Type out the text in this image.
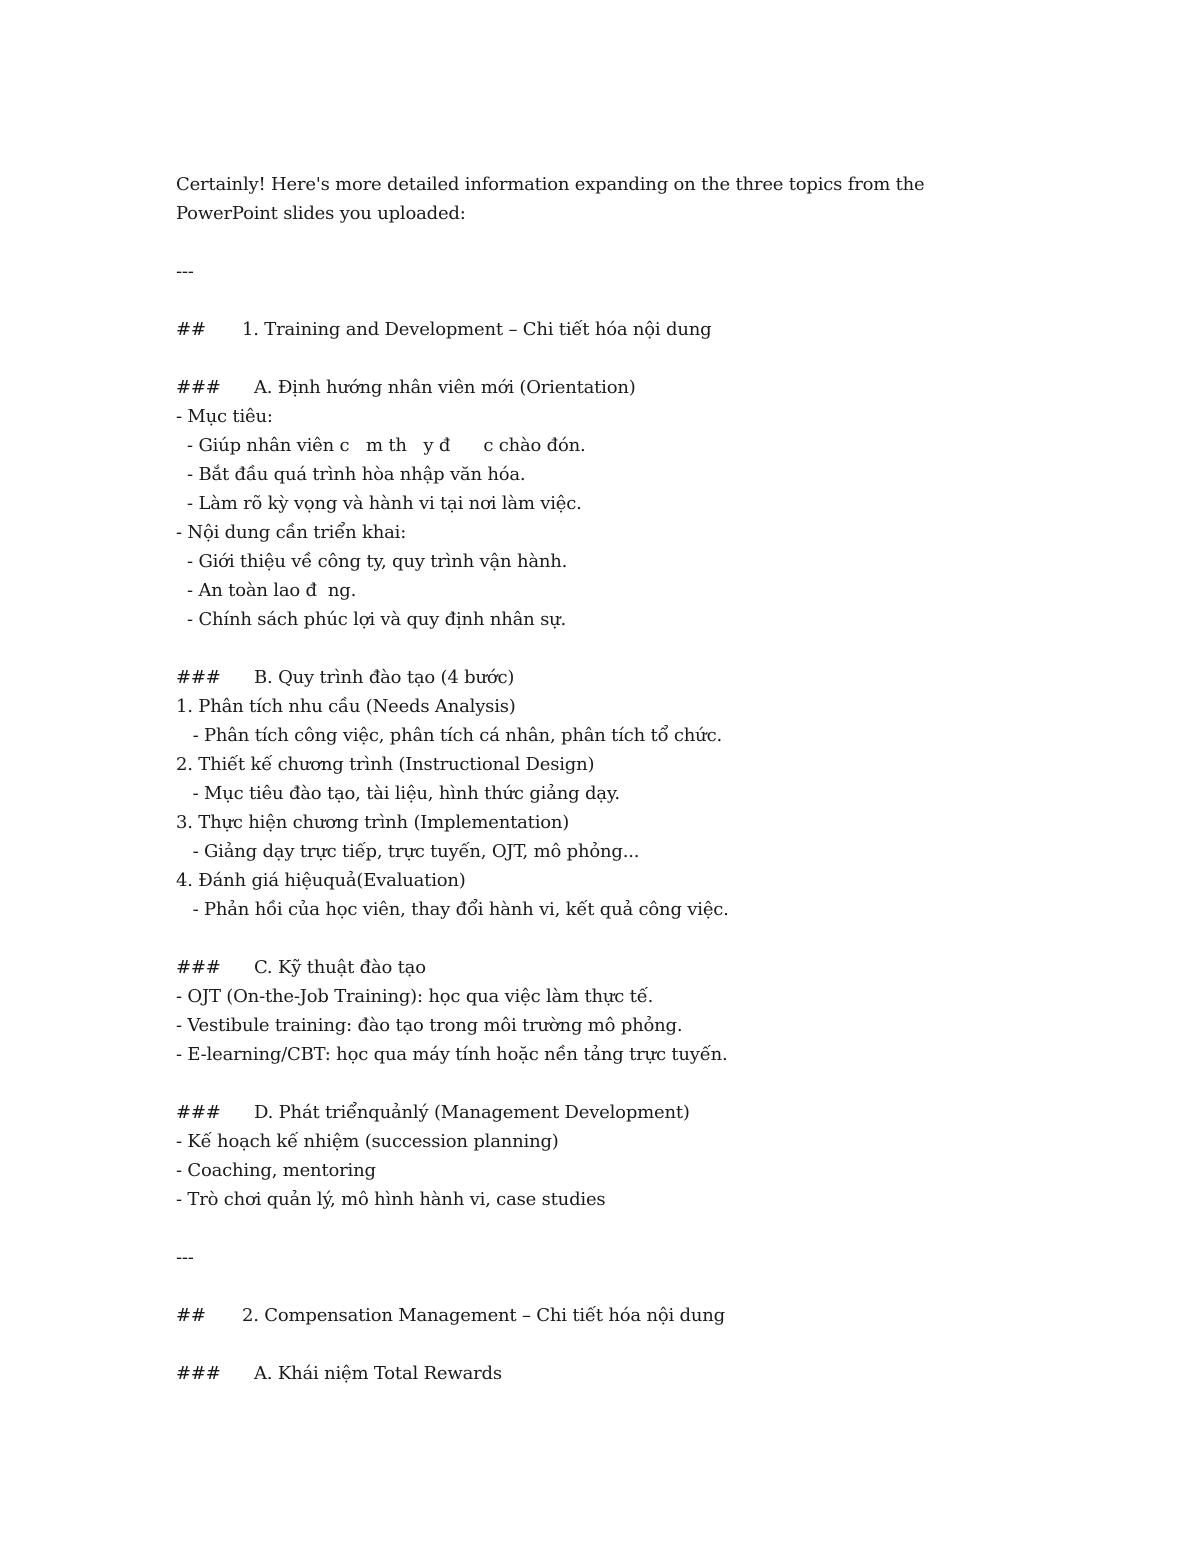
Certainly! Here's more detailed information expanding on the three topics from the
PowerPoint slides you uploaded:
---
##	1. Training and Development – Chi tiết hóa nội dung
###	A. Định hướng nhân viên mới (Orientation)
- Mục tiêu:
- Giúp nhân viên c   m th   y đ      c chào đón.
- Bắt đầu quá trình hòa nhập văn hóa.
- Làm rõ kỳ vọng và hành vi tại nơi làm việc.
- Nội dung cần triển khai:
- Giới thiệu về công ty, quy trình vận hành.
- An toàn lao đ  ng.
- Chính sách phúc lợi và quy định nhân sự.
###	B. Quy trình đào tạo (4 bước)
1. Phân tích nhu cầu (Needs Analysis)
- Phân tích công việc, phân tích cá nhân, phân tích tổ chức.
2. Thiết kế chương trình (Instructional Design)
- Mục tiêu đào tạo, tài liệu, hình thức giảng dạy.
3. Thực hiện chương trình (Implementation)
- Giảng dạy trực tiếp, trực tuyến, OJT, mô phỏng...
4. Đánh giá hiệuquả(Evaluation)
- Phản hồi của học viên, thay đổi hành vi, kết quả công việc.
###	C. Kỹ thuật đào tạo
- OJT (On-the-Job Training): học qua việc làm thực tế.
- Vestibule training: đào tạo trong môi trường mô phỏng.
- E-learning/CBT: học qua máy tính hoặc nền tảng trực tuyến.
###	D. Phát triểnquảnlý (Management Development)
- Kế hoạch kế nhiệm (succession planning)
- Coaching, mentoring
- Trò chơi quản lý, mô hình hành vi, case studies
---
##	2. Compensation Management – Chi tiết hóa nội dung
###	A. Khái niệm Total Rewards
